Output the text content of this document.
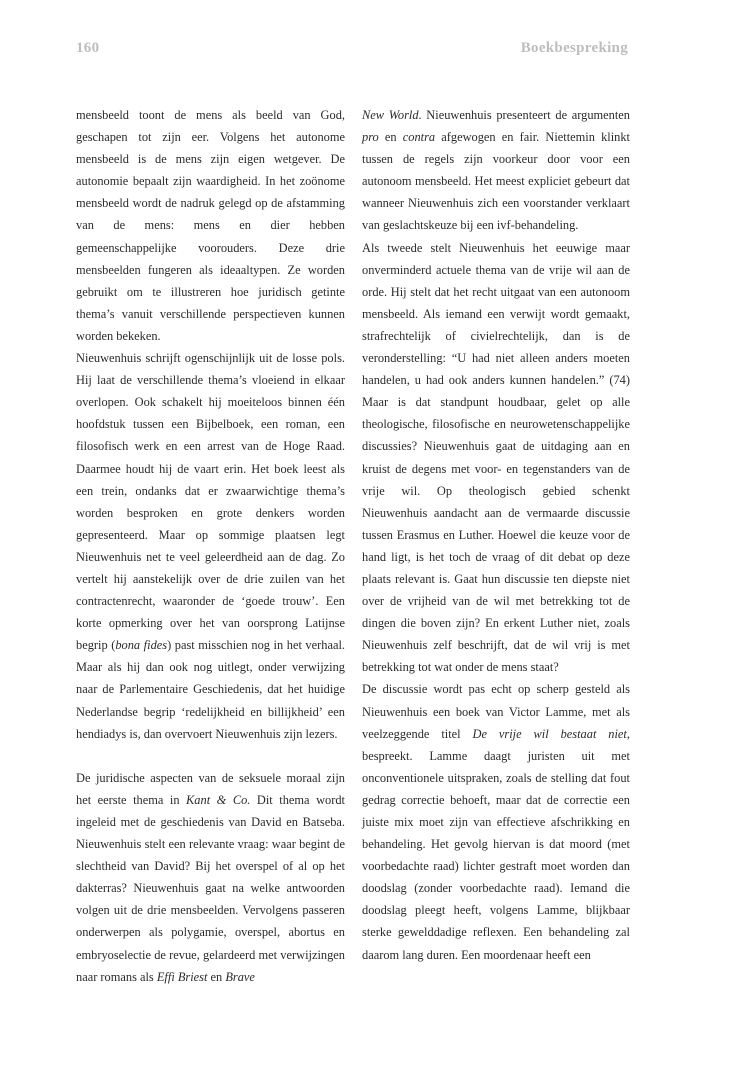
160	Boekbespreking

mensbeeld toont de mens als beeld van God, geschapen tot zijn eer. Volgens het autonome mensbeeld is de mens zijn eigen wetgever. De autonomie bepaalt zijn waardigheid. In het zoönome mensbeeld wordt de nadruk gelegd op de afstamming van de mens: mens en dier hebben gemeenschappelijke voorouders. Deze drie mensbeelden fungeren als ideaaltypen. Ze worden gebruikt om te illustreren hoe juridisch getinte thema’s vanuit verschillende perspectieven kunnen worden bekeken.

Nieuwenhuis schrijft ogenschijnlijk uit de losse pols. Hij laat de verschillende thema’s vloeiend in elkaar overlopen. Ook schakelt hij moeiteloos binnen één hoofdstuk tussen een Bijbelboek, een roman, een filosofisch werk en een arrest van de Hoge Raad. Daarmee houdt hij de vaart erin. Het boek leest als een trein, ondanks dat er zwaarwichtige thema’s worden besproken en grote denkers worden gepresenteerd. Maar op sommige plaatsen legt Nieuwenhuis net te veel geleerdheid aan de dag. Zo vertelt hij aanstekelijk over de drie zuilen van het contractenrecht, waaronder de ‘goede trouw’. Een korte opmerking over het van oorsprong Latijnse begrip (bona fides) past misschien nog in het verhaal. Maar als hij dan ook nog uitlegt, onder verwijzing naar de Parlementaire Geschiedenis, dat het huidige Nederlandse begrip ‘redelijkheid en billijkheid’ een hendiadys is, dan overvoert Nieuwenhuis zijn lezers.

De juridische aspecten van de seksuele moraal zijn het eerste thema in Kant & Co. Dit thema wordt ingeleid met de geschiedenis van David en Batseba. Nieuwenhuis stelt een relevante vraag: waar begint de slechtheid van David? Bij het overspel of al op het dakterras? Nieuwenhuis gaat na welke antwoorden volgen uit de drie mensbeelden. Vervolgens passeren onderwerpen als polygamie, overspel, abortus en embryoselectie de revue, gelardeerd met verwijzingen naar romans als Effi Briest en Brave

New World. Nieuwenhuis presenteert de argumenten pro en contra afgewogen en fair. Niettemin klinkt tussen de regels zijn voorkeur door voor een autonoom mensbeeld. Het meest expliciet gebeurt dat wanneer Nieuwenhuis zich een voorstander verklaart van geslachtskeuze bij een ivf-behandeling.

Als tweede stelt Nieuwenhuis het eeuwige maar onverminderd actuele thema van de vrije wil aan de orde. Hij stelt dat het recht uitgaat van een autonoom mensbeeld. Als iemand een verwijt wordt gemaakt, strafrechtelijk of civielrechtelijk, dan is de veronderstelling: “U had niet alleen anders moeten handelen, u had ook anders kunnen handelen.” (74) Maar is dat standpunt houdbaar, gelet op alle theologische, filosofische en neurowetenschappelijke discussies? Nieuwenhuis gaat de uitdaging aan en kruist de degens met voor- en tegenstanders van de vrije wil. Op theologisch gebied schenkt Nieuwenhuis aandacht aan de vermaarde discussie tussen Erasmus en Luther. Hoewel die keuze voor de hand ligt, is het toch de vraag of dit debat op deze plaats relevant is. Gaat hun discussie ten diepste niet over de vrijheid van de wil met betrekking tot de dingen die boven zijn? En erkent Luther niet, zoals Nieuwenhuis zelf beschrijft, dat de wil vrij is met betrekking tot wat onder de mens staat?

De discussie wordt pas echt op scherp gesteld als Nieuwenhuis een boek van Victor Lamme, met als veelzeggende titel De vrije wil bestaat niet, bespreekt. Lamme daagt juristen uit met onconventionele uitspraken, zoals de stelling dat fout gedrag correctie behoeft, maar dat de correctie een juiste mix moet zijn van effectieve afschrikking en behandeling. Het gevolg hiervan is dat moord (met voorbedachte raad) lichter gestraft moet worden dan doodslag (zonder voorbedachte raad). Iemand die doodslag pleegt heeft, volgens Lamme, blijkbaar sterke gewelddadige reflexen. Een behandeling zal daarom lang duren. Een moordenaar heeft een
